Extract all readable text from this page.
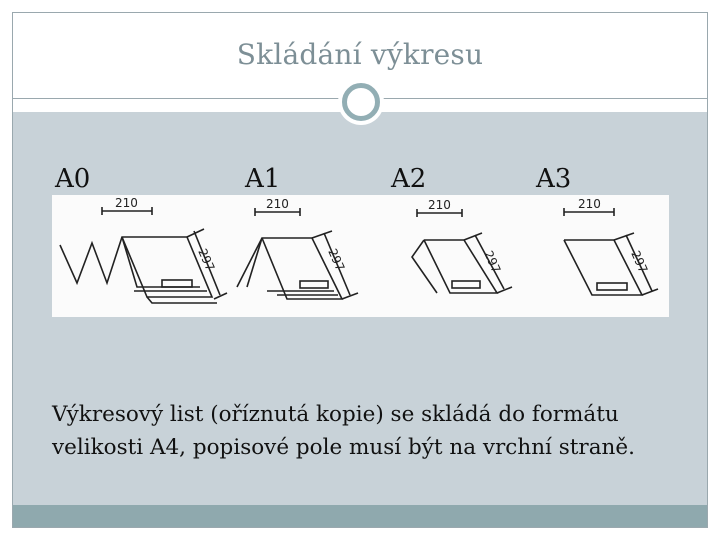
Skládání výkresu
A0	A1	A2	A3
210	210	210	210
297	297	297	297
Výkresový list (oříznutá kopie) se skládá do formátu
velikosti A4, popisové pole musí být na vrchní straně.
